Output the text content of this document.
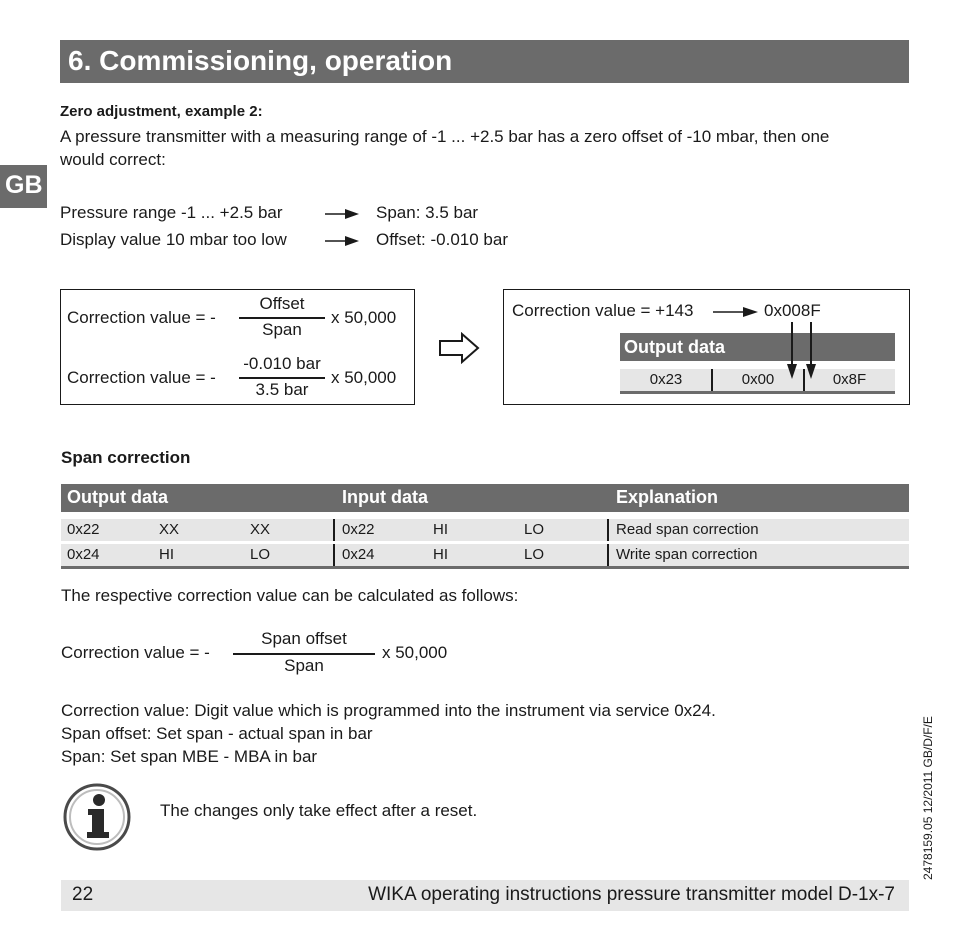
6. Commissioning, operation
GB
Zero adjustment, example 2:
A pressure transmitter with a measuring range of -1 ... +2.5 bar has a zero offset of -10 mbar, then one
would correct:
Pressure range -1 ... +2.5 bar	Span: 3.5 bar
Display value 10 mbar too low	Offset: -0.010 bar
Correction value = -
Offset
Span
x 50,000
Correction value = -
-0.010 bar
3.5 bar
x 50,000
Correction value = +143	0x008F
Output data
0x23	0x00	0x8F
Span correction
Output data	Input data	Explanation
0x22	XX	XX	0x22	HI	LO	Read span correction
0x24	HI	LO	0x24	HI	LO	Write span correction
The respective correction value can be calculated as follows:
Correction value = -
Span offset
Span
x 50,000
Correction value: Digit value which is programmed into the instrument via service 0x24.
Span offset: Set span - actual span in bar
Span: Set span MBE - MBA in bar
The changes only take effect after a reset.
22	WIKA operating instructions pressure transmitter model D-1x-7
2478159.05 12/2011 GB/D/F/E
